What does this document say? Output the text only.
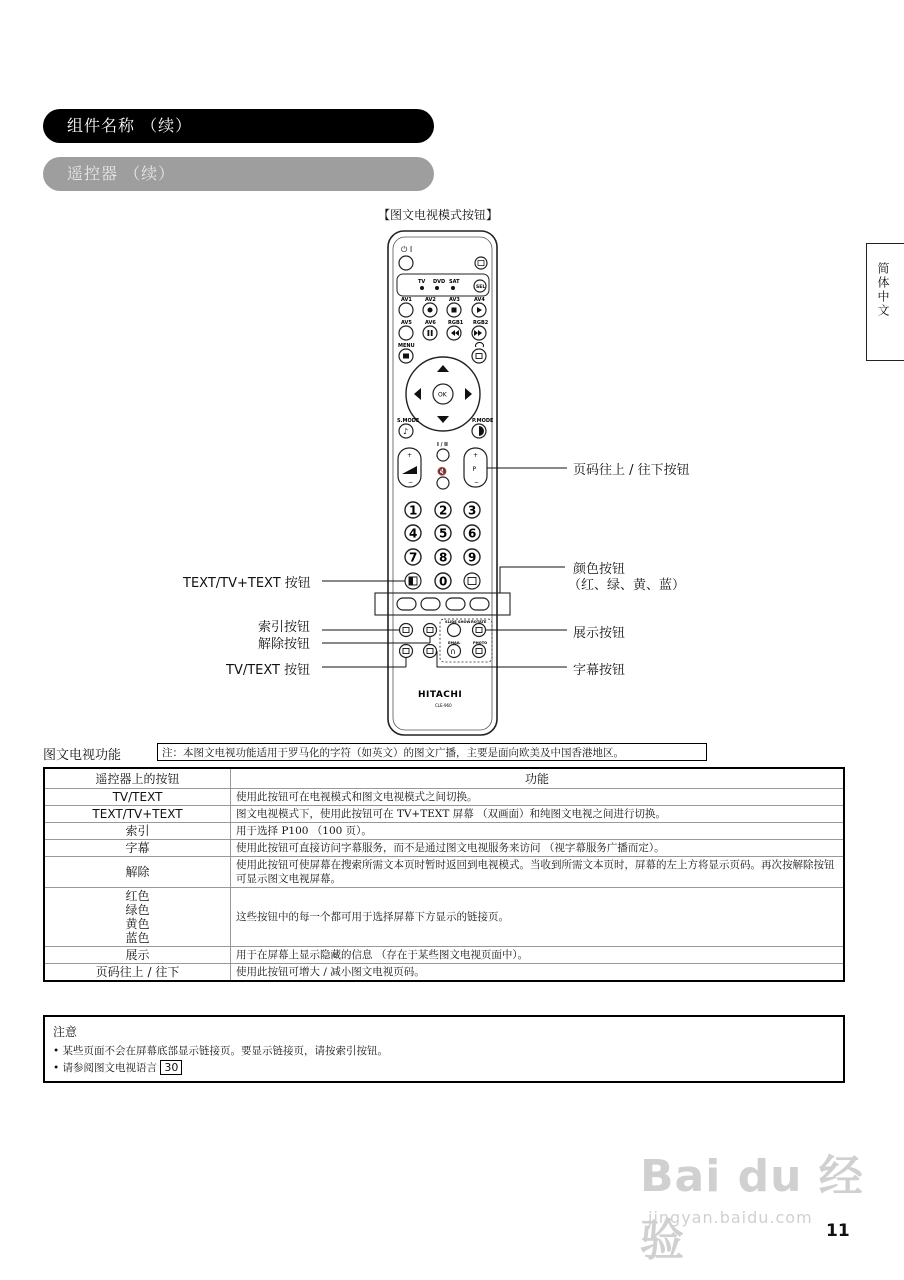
组件名称 （续）
遥控器 （续）
简体中文
【图文电视模式按钮】
⏻ I
TV DVD SAT
SEL
AV1	AV2	AV3	AV4
AV5	AV6 RGB1 RGB2
MENU
OK
S.MODE	P.MODE
♪
+
−
I / II
🔇	P
+
−
1 2 3
4 5 6
7 8 9
0
SLIDE SHOW ROTATE
EMAIL	PHOTO
∩
HITACHI
CLE-960
页码往上 / 往下按钮
TEXT/TV+TEXT 按钮
颜色按钮
（红、绿、黄、蓝）
索引按钮
解除按钮
展示按钮
TV/TEXT 按钮	字幕按钮
图文电视功能	注：本图文电视功能适用于罗马化的字符（如英文）的图文广播，主要是面向欧美及中国香港地区。
遥控器上的按钮	功能
TV/TEXT	使用此按钮可在电视模式和图文电视模式之间切换。
TEXT/TV+TEXT	图文电视模式下，使用此按钮可在 TV+TEXT 屏幕 （双画面）和纯图文电视之间进行切换。
索引	用于选择 P100 （100 页）。
字幕	使用此按钮可直接访问字幕服务，而不是通过图文电视服务来访问 （视字幕服务广播而定）。
解除	使用此按钮可使屏幕在搜索所需文本页时暂时返回到电视模式。当收到所需文本页时，屏幕的左上方将显示页码。再次按解除按钮可显示图文电视屏幕。

红色
绿色
黄色
蓝色	这些按钮中的每一个都可用于选择屏幕下方显示的链接页。
展示	用于在屏幕上显示隐藏的信息 （存在于某些图文电视页面中）。
页码往上 / 往下	使用此按钮可增大 / 减小图文电视页码。
注意
• 某些页面不会在屏幕底部显示链接页。要显示链接页，请按索引按钮。
• 请参阅图文电视语言 30
Bai du 经验
jingyan.baidu.com
11
